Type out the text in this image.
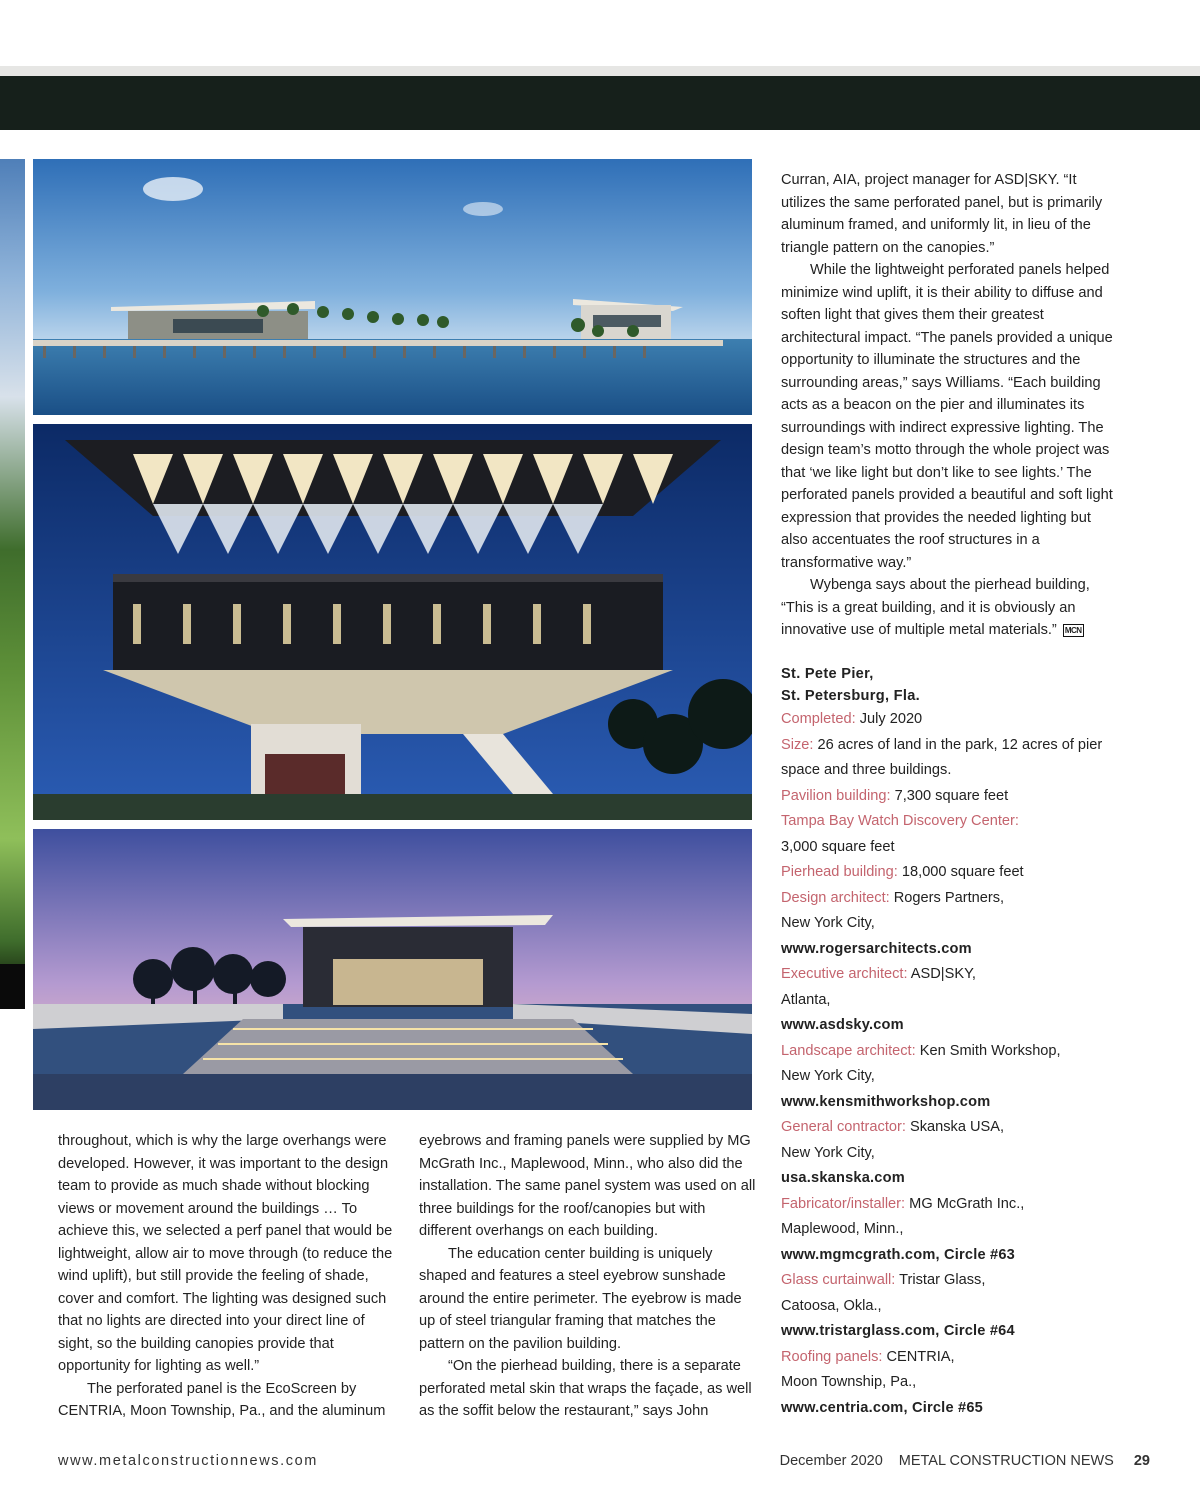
throughout, which is why the large overhangs were developed. However, it was important to the design team to provide as much shade without blocking views or movement around the buildings … To achieve this, we selected a perf panel that would be lightweight, allow air to move through (to reduce the wind uplift), but still provide the feeling of shade, cover and comfort. The lighting was designed such that no lights are directed into your direct line of sight, so the building canopies provide that opportunity for lighting as well.”

The perforated panel is the EcoScreen by CENTRIA, Moon Township, Pa., and the aluminum

eyebrows and framing panels were supplied by MG McGrath Inc., Maplewood, Minn., who also did the installation. The same panel system was used on all three buildings for the roof/canopies but with different overhangs on each building.

The education center building is uniquely shaped and features a steel eyebrow sunshade around the entire perimeter. The eyebrow is made up of steel triangular framing that matches the pattern on the pavilion building.

“On the pierhead building, there is a separate perforated metal skin that wraps the façade, as well as the soffit below the restaurant,” says John

Curran, AIA, project manager for ASD|SKY. “It utilizes the same perforated panel, but is primarily aluminum framed, and uniformly lit, in lieu of the triangle pattern on the canopies.”

While the lightweight perforated panels helped minimize wind uplift, it is their ability to diffuse and soften light that gives them their greatest architectural impact. “The panels provided a unique opportunity to illuminate the structures and the surrounding areas,” says Williams. “Each building acts as a beacon on the pier and illuminates its surroundings with indirect expressive lighting. The design team’s motto through the whole project was that ‘we like light but don’t like to see lights.’ The perforated panels provided a beautiful and soft light expression that provides the needed lighting but also accentuates the roof structures in a transformative way.”

Wybenga says about the pierhead building, “This is a great building, and it is obviously an innovative use of multiple metal materials.” MCN

St. Pete Pier,
St. Petersburg, Fla.
Completed: July 2020
Size: 26 acres of land in the park, 12 acres of pier space and three buildings.
Pavilion building: 7,300 square feet
Tampa Bay Watch Discovery Center:
3,000 square feet
Pierhead building: 18,000 square feet
Design architect: Rogers Partners,
New York City,
www.rogersarchitects.com
Executive architect: ASD|SKY,
Atlanta,
www.asdsky.com
Landscape architect: Ken Smith Workshop,
New York City,
www.kensmithworkshop.com
General contractor: Skanska USA,
New York City,
usa.skanska.com
Fabricator/installer: MG McGrath Inc.,
Maplewood, Minn.,
www.mgmcgrath.com, Circle #63
Glass curtainwall: Tristar Glass,
Catoosa, Okla.,
www.tristarglass.com, Circle #64
Roofing panels: CENTRIA,
Moon Township, Pa.,
www.centria.com, Circle #65
www.metalconstructionnews.com	December 2020 METAL CONSTRUCTION NEWS 29
